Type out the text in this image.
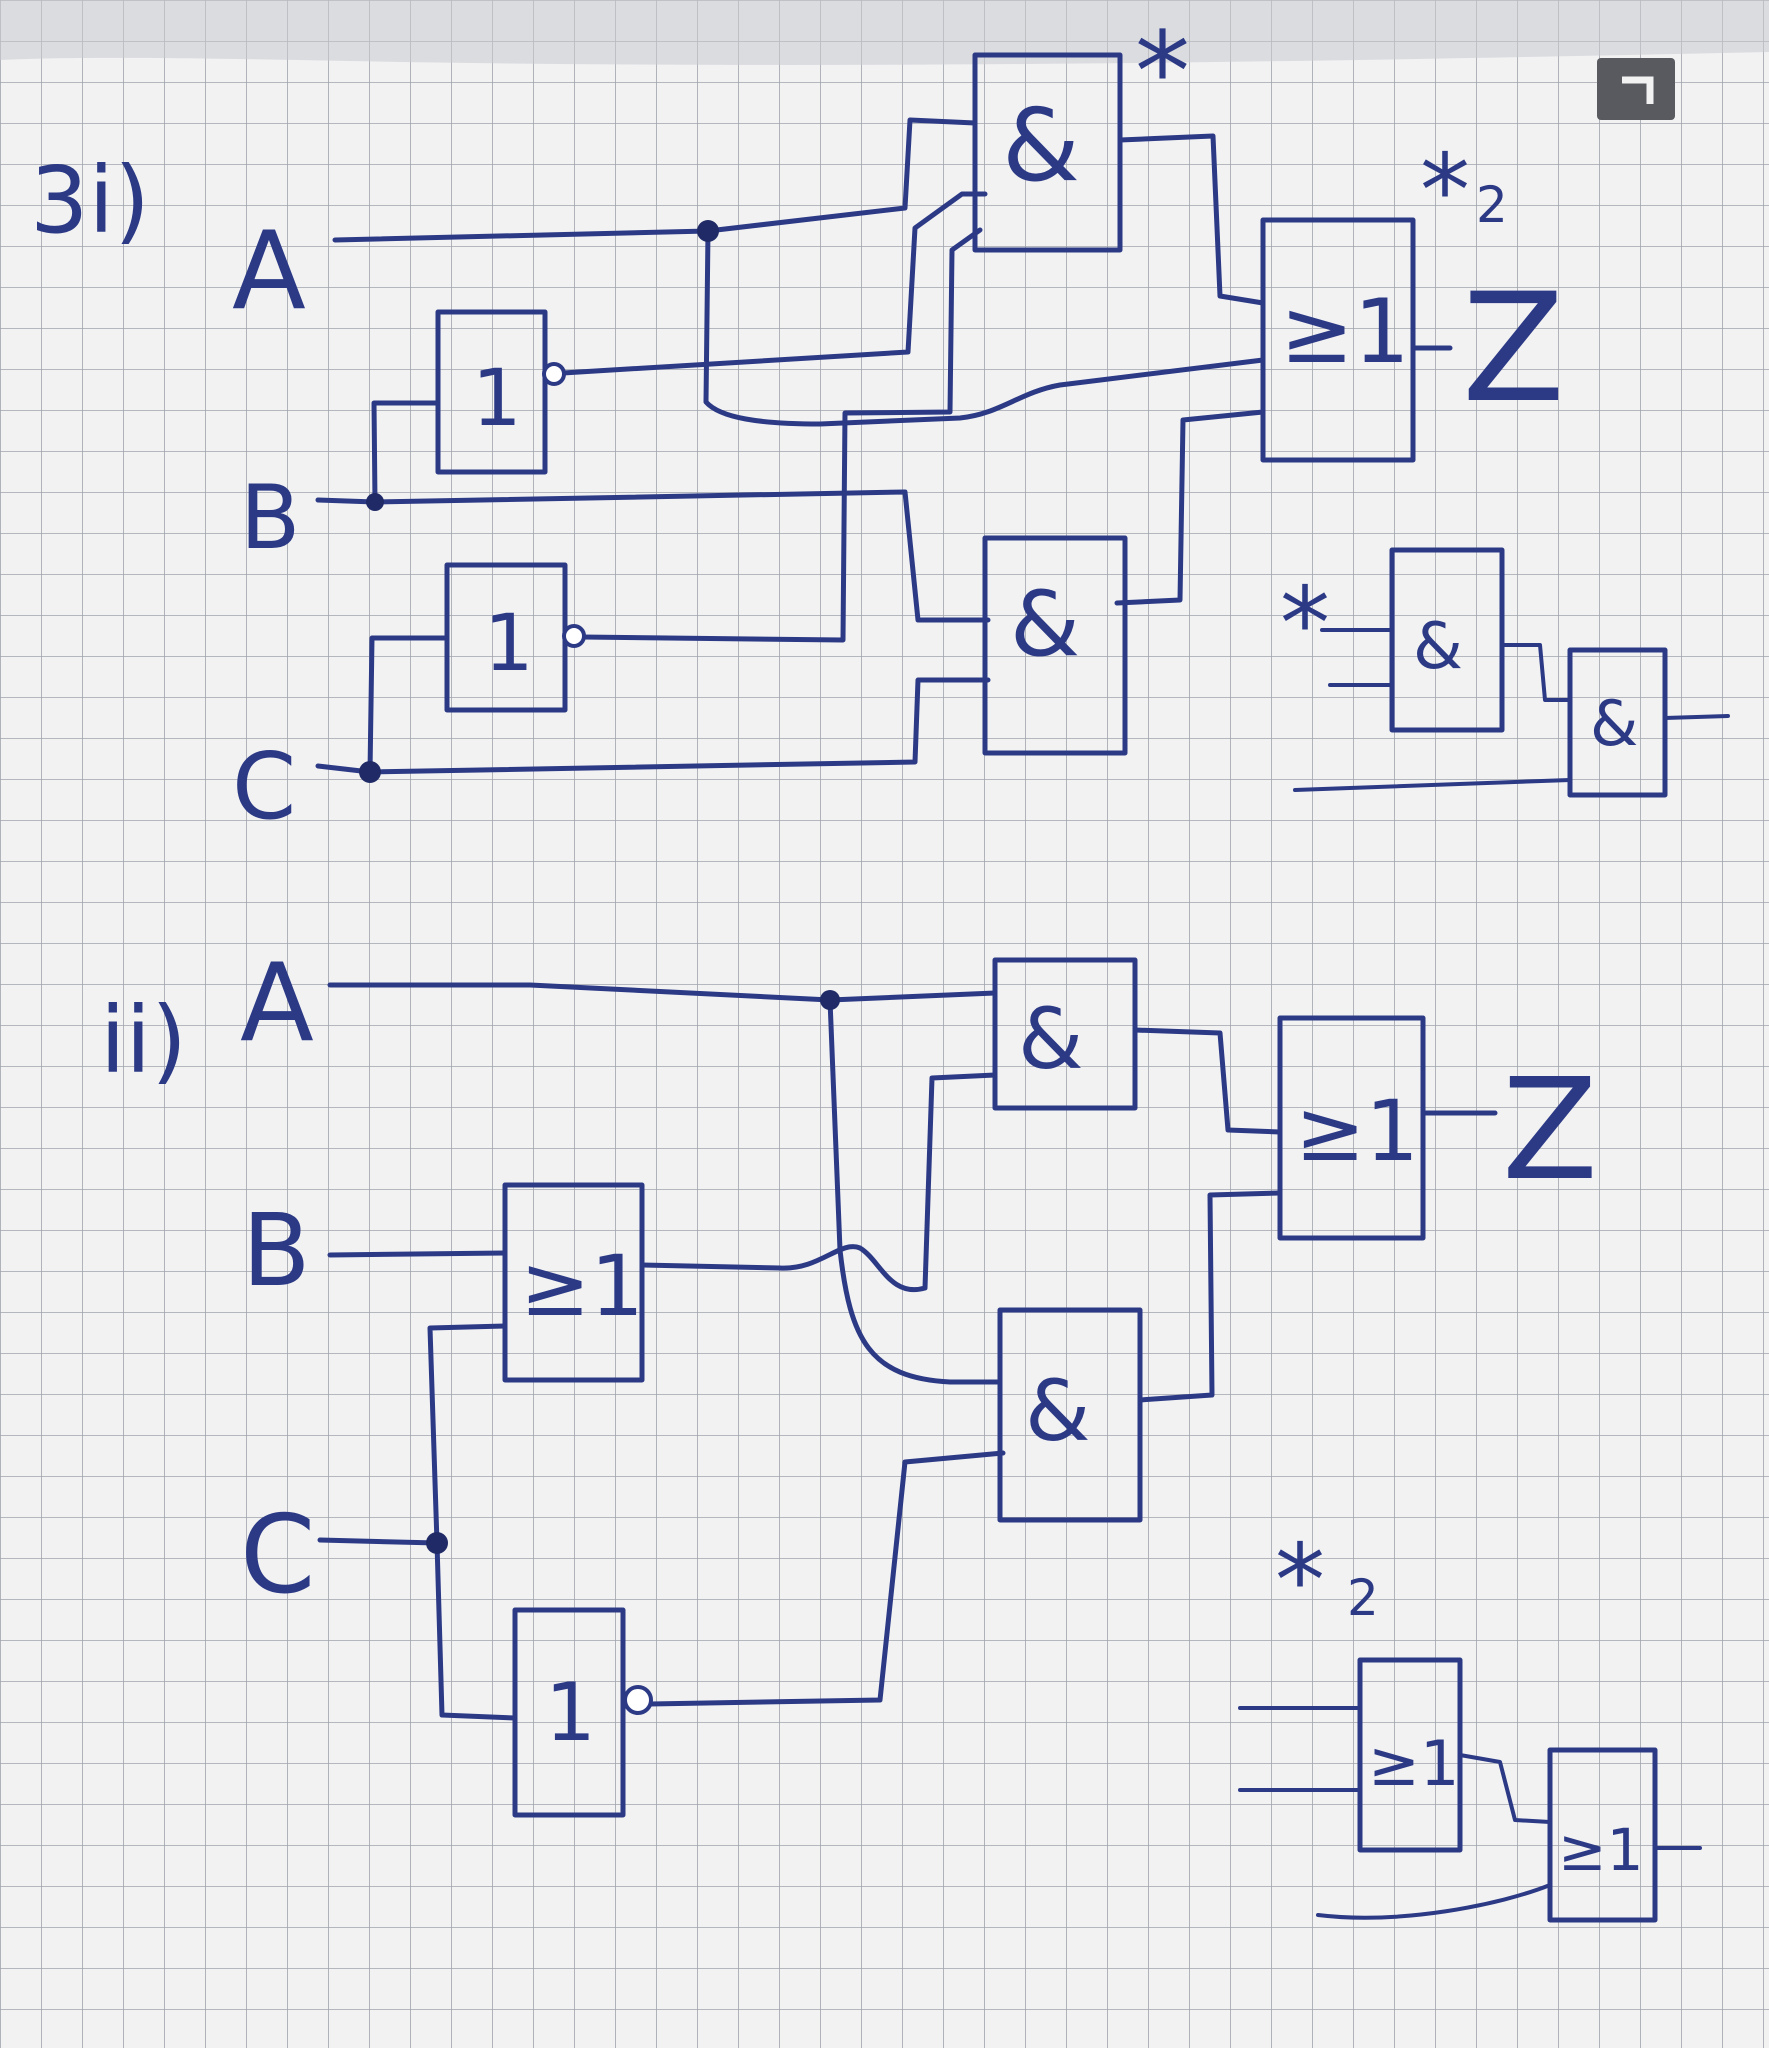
3i)
A
B
C
1
1
&
&
≥1 Z
*
* 2
* &
&
ii) A
B
C
≥1
1
&
&
≥1 Z
* 2
≥1
≥1
